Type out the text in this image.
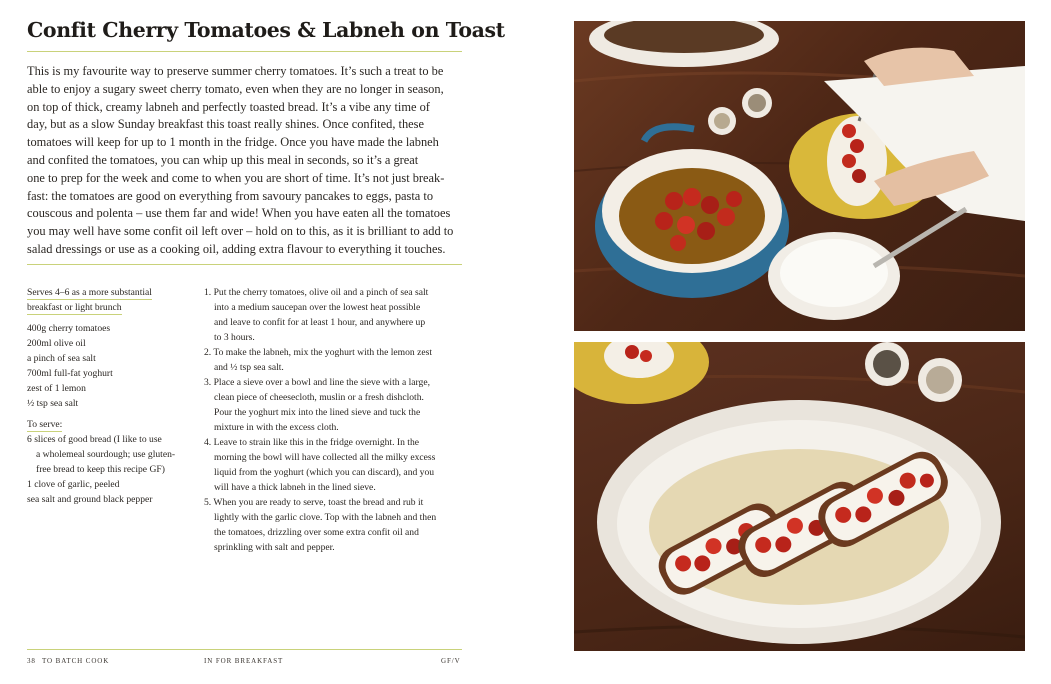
Confit Cherry Tomatoes & Labneh on Toast
This is my favourite way to preserve summer cherry tomatoes. It’s such a treat to be
able to enjoy a sugary sweet cherry tomato, even when they are no longer in season,
on top of thick, creamy labneh and perfectly toasted bread. It’s a vibe any time of
day, but as a slow Sunday breakfast this toast really shines. Once confited, these
tomatoes will keep for up to 1 month in the fridge. Once you have made the labneh
and confited the tomatoes, you can whip up this meal in seconds, so it’s a great
one to prep for the week and come to when you are short of time. It’s not just break-
fast: the tomatoes are good on everything from savoury pancakes to eggs, pasta to
couscous and polenta – use them far and wide! When you have eaten all the tomatoes
you may well have some confit oil left over – hold on to this, as it is brilliant to add to
salad dressings or use as a cooking oil, adding extra flavour to everything it touches.
Serves 4–6 as a more substantial
breakfast or light brunch
400g cherry tomatoes
200ml olive oil
a pinch of sea salt
700ml full-fat yoghurt
zest of 1 lemon
½ tsp sea salt
To serve:
6 slices of good bread (I like to use
a wholemeal sourdough; use gluten-
free bread to keep this recipe GF)
1 clove of garlic, peeled
sea salt and ground black pepper
1. Put the cherry tomatoes, olive oil and a pinch of sea salt
into a medium saucepan over the lowest heat possible
and leave to confit for at least 1 hour, and anywhere up
to 3 hours.
2. To make the labneh, mix the yoghurt with the lemon zest
and ½ tsp sea salt.
3. Place a sieve over a bowl and line the sieve with a large,
clean piece of cheesecloth, muslin or a fresh dishcloth.
Pour the yoghurt mix into the lined sieve and tuck the
mixture in with the excess cloth.
4. Leave to strain like this in the fridge overnight. In the
morning the bowl will have collected all the milky excess
liquid from the yoghurt (which you can discard), and you
will have a thick labneh in the lined sieve.
5. When you are ready to serve, toast the bread and rub it
lightly with the garlic clove. Top with the labneh and then
the tomatoes, drizzling over some extra confit oil and
sprinkling with salt and pepper.
38 TO BATCH COOK	IN FOR BREAKFAST	GF/V
